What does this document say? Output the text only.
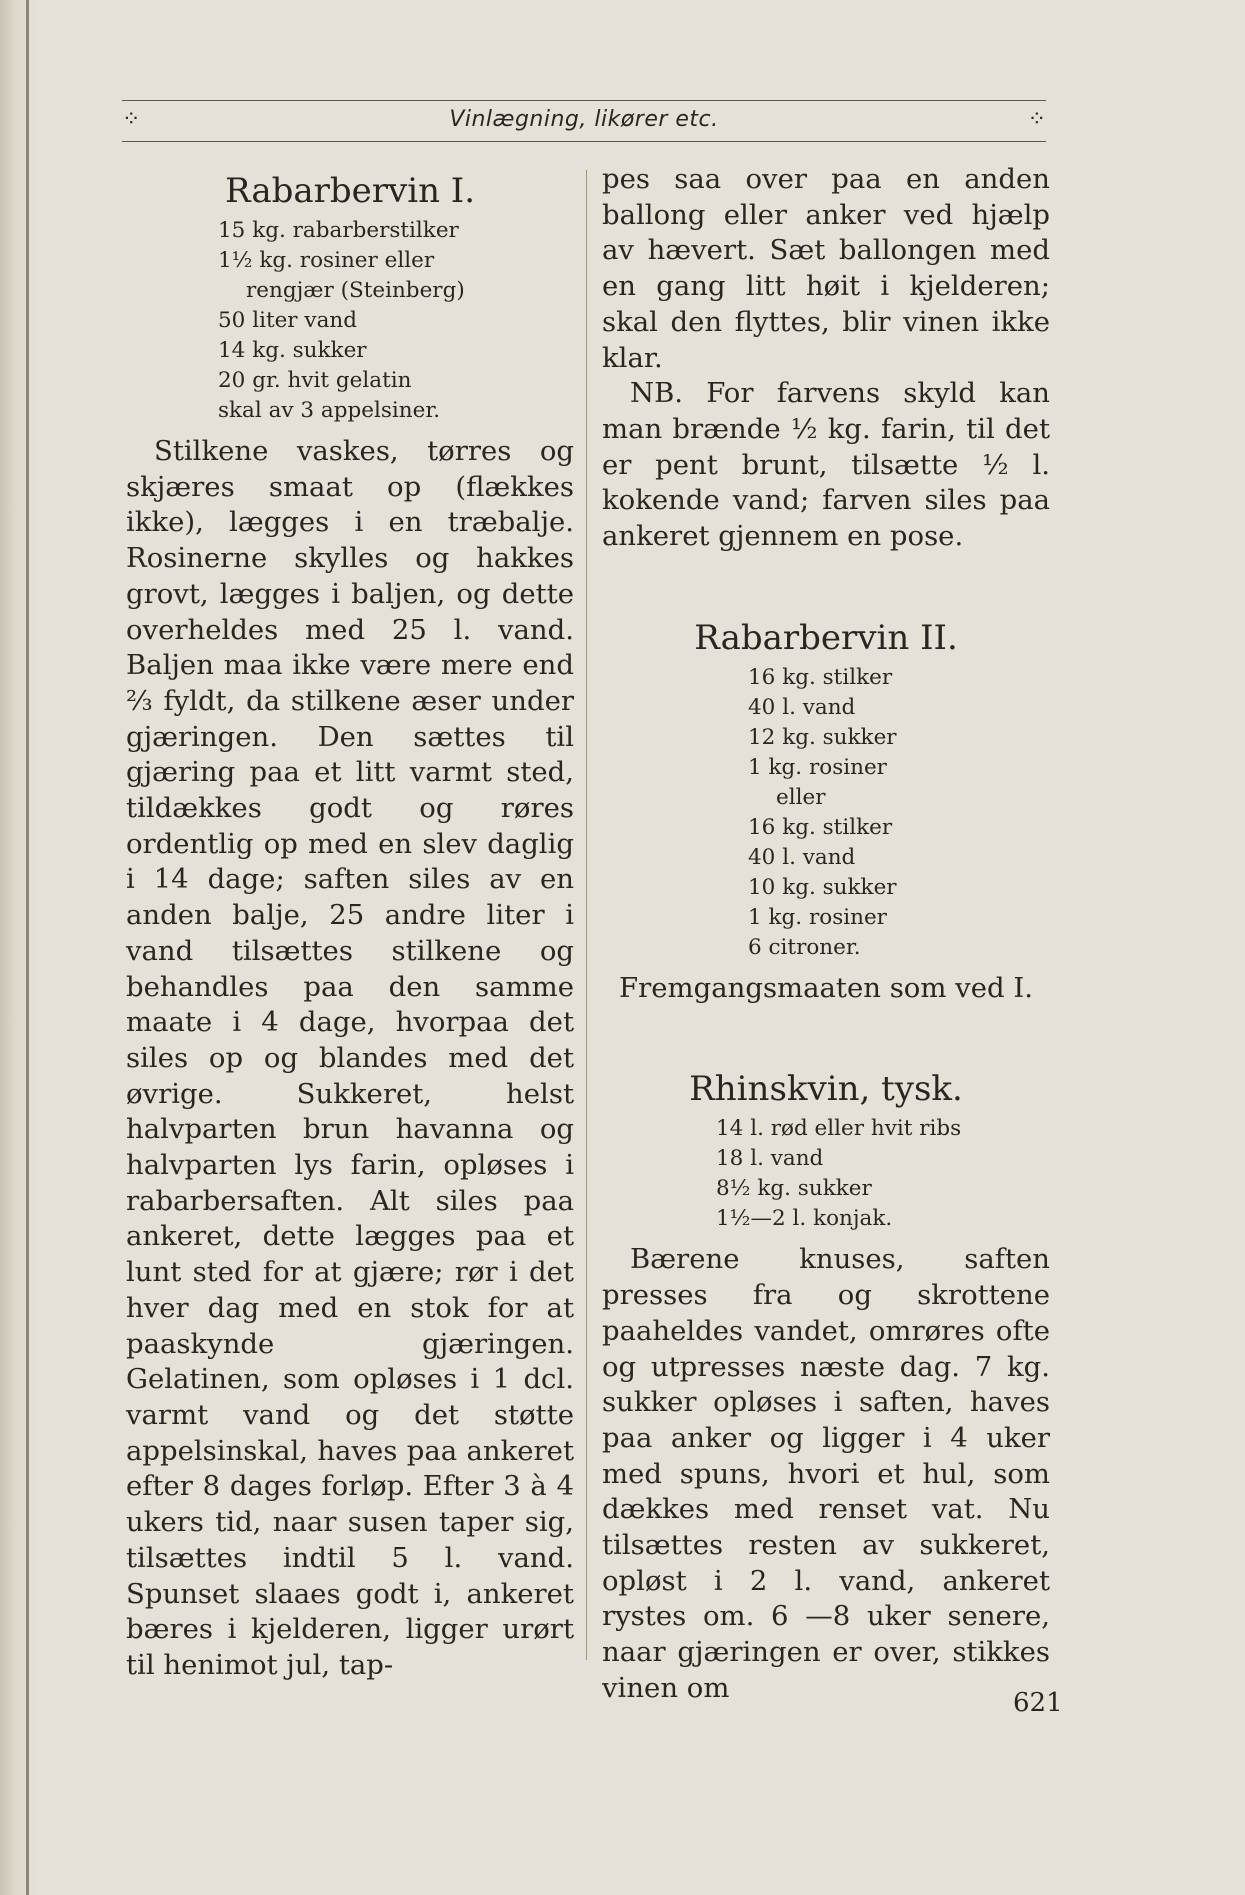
⁘	Vinlægning, likører etc.	⁘
Rabarbervin I.
15 kg. rabarberstilker
1½ kg. rosiner eller
rengjær (Steinberg)
50 liter vand
14 kg. sukker
20 gr. hvit gelatin
skal av 3 appelsiner.

Stilkene vaskes, tørres og skjæres smaat op (flækkes ikke), lægges i en træbalje. Rosinerne skylles og hakkes grovt, lægges i baljen, og dette overheldes med 25 l. vand. Baljen maa ikke være mere end ⅔ fyldt, da stilkene æser under gjæringen. Den sættes til gjæring paa et litt varmt sted, tildækkes godt og røres ordentlig op med en slev daglig i 14 dage; saften siles av en anden balje, 25 andre liter i vand tilsættes stilkene og behandles paa den samme maate i 4 dage, hvorpaa det siles op og blandes med det øvrige. Sukkeret, helst halvparten brun havanna og halvparten lys farin, opløses i rabarbersaften. Alt siles paa ankeret, dette lægges paa et lunt sted for at gjære; rør i det hver dag med en stok for at paaskynde gjæringen. Gelatinen, som opløses i 1 dcl. varmt vand og det støtte appelsinskal, haves paa ankeret efter 8 dages forløp. Efter 3 à 4 ukers tid, naar susen taper sig, tilsættes indtil 5 l. vand. Spunset slaaes godt i, ankeret bæres i kjelderen, ligger urørt til henimot jul, tap-

pes saa over paa en anden ballong eller anker ved hjælp av hævert. Sæt ballongen med en gang litt høit i kjelderen; skal den flyttes, blir vinen ikke klar.

NB. For farvens skyld kan man brænde ½ kg. farin, til det er pent brunt, tilsætte ½ l. kokende vand; farven siles paa ankeret gjennem en pose.

Rabarbervin II.
16 kg. stilker
40 l. vand
12 kg. sukker
1 kg. rosiner
eller
16 kg. stilker
40 l. vand
10 kg. sukker
1 kg. rosiner
6 citroner.

Fremgangsmaaten som ved I.

Rhinskvin, tysk.
14 l. rød eller hvit ribs
18 l. vand
8½ kg. sukker
1½—2 l. konjak.

Bærene knuses, saften presses fra og skrottene paaheldes vandet, omrøres ofte og utpresses næste dag. 7 kg. sukker opløses i saften, haves paa anker og ligger i 4 uker med spuns, hvori et hul, som dækkes med renset vat. Nu tilsættes resten av sukkeret, opløst i 2 l. vand, ankeret rystes om. 6 —8 uker senere, naar gjæringen er over, stikkes vinen om	621
